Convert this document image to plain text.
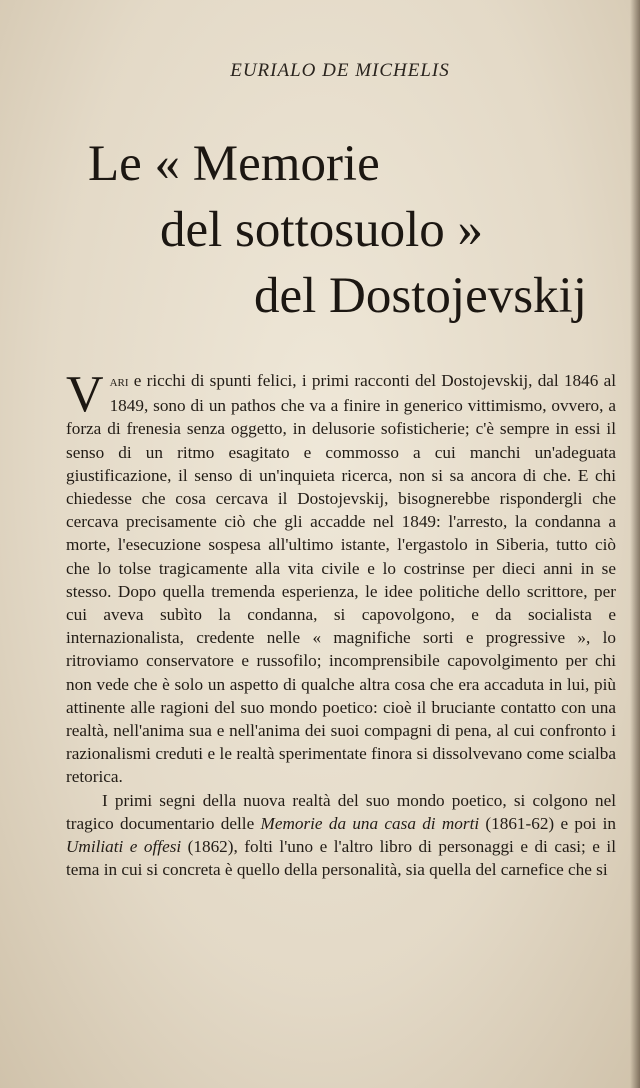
EURIALO DE MICHELIS
Le « Memorie
del sottosuolo »
del Dostojevskij

Vari e ricchi di spunti felici, i primi racconti del Dostojevskij, dal 1846 al 1849, sono di un pathos che va a finire in generico vittimismo, ovvero, a forza di frenesia senza oggetto, in delusorie sofisticherie; c'è sempre in essi il senso di un ritmo esagitato e commosso a cui manchi un'adeguata giustificazione, il senso di un'inquieta ricerca, non si sa ancora di che. E chi chiedesse che cosa cercava il Dostojevskij, bisognerebbe rispondergli che cercava precisamente ciò che gli accadde nel 1849: l'arresto, la condanna a morte, l'esecuzione sospesa all'ultimo istante, l'ergastolo in Siberia, tutto ciò che lo tolse tragicamente alla vita civile e lo costrinse per dieci anni in se stesso. Dopo quella tremenda esperienza, le idee politiche dello scrittore, per cui aveva subìto la condanna, si capovolgono, e da socialista e internazionalista, credente nelle « magnifiche sorti e progressive », lo ritroviamo conservatore e russofilo; incomprensibile capovolgimento per chi non vede che è solo un aspetto di qualche altra cosa che era accaduta in lui, più attinente alle ragioni del suo mondo poetico: cioè il bruciante contatto con una realtà, nell'anima sua e nell'anima dei suoi compagni di pena, al cui confronto i razionalismi creduti e le realtà sperimentate finora si dissolvevano come scialba retorica.

I primi segni della nuova realtà del suo mondo poetico, si colgono nel tragico documentario delle Memorie da una casa di morti (1861-62) e poi in Umiliati e offesi (1862), folti l'uno e l'altro libro di personaggi e di casi; e il tema in cui si concreta è quello della personalità, sia quella del carnefice che si
